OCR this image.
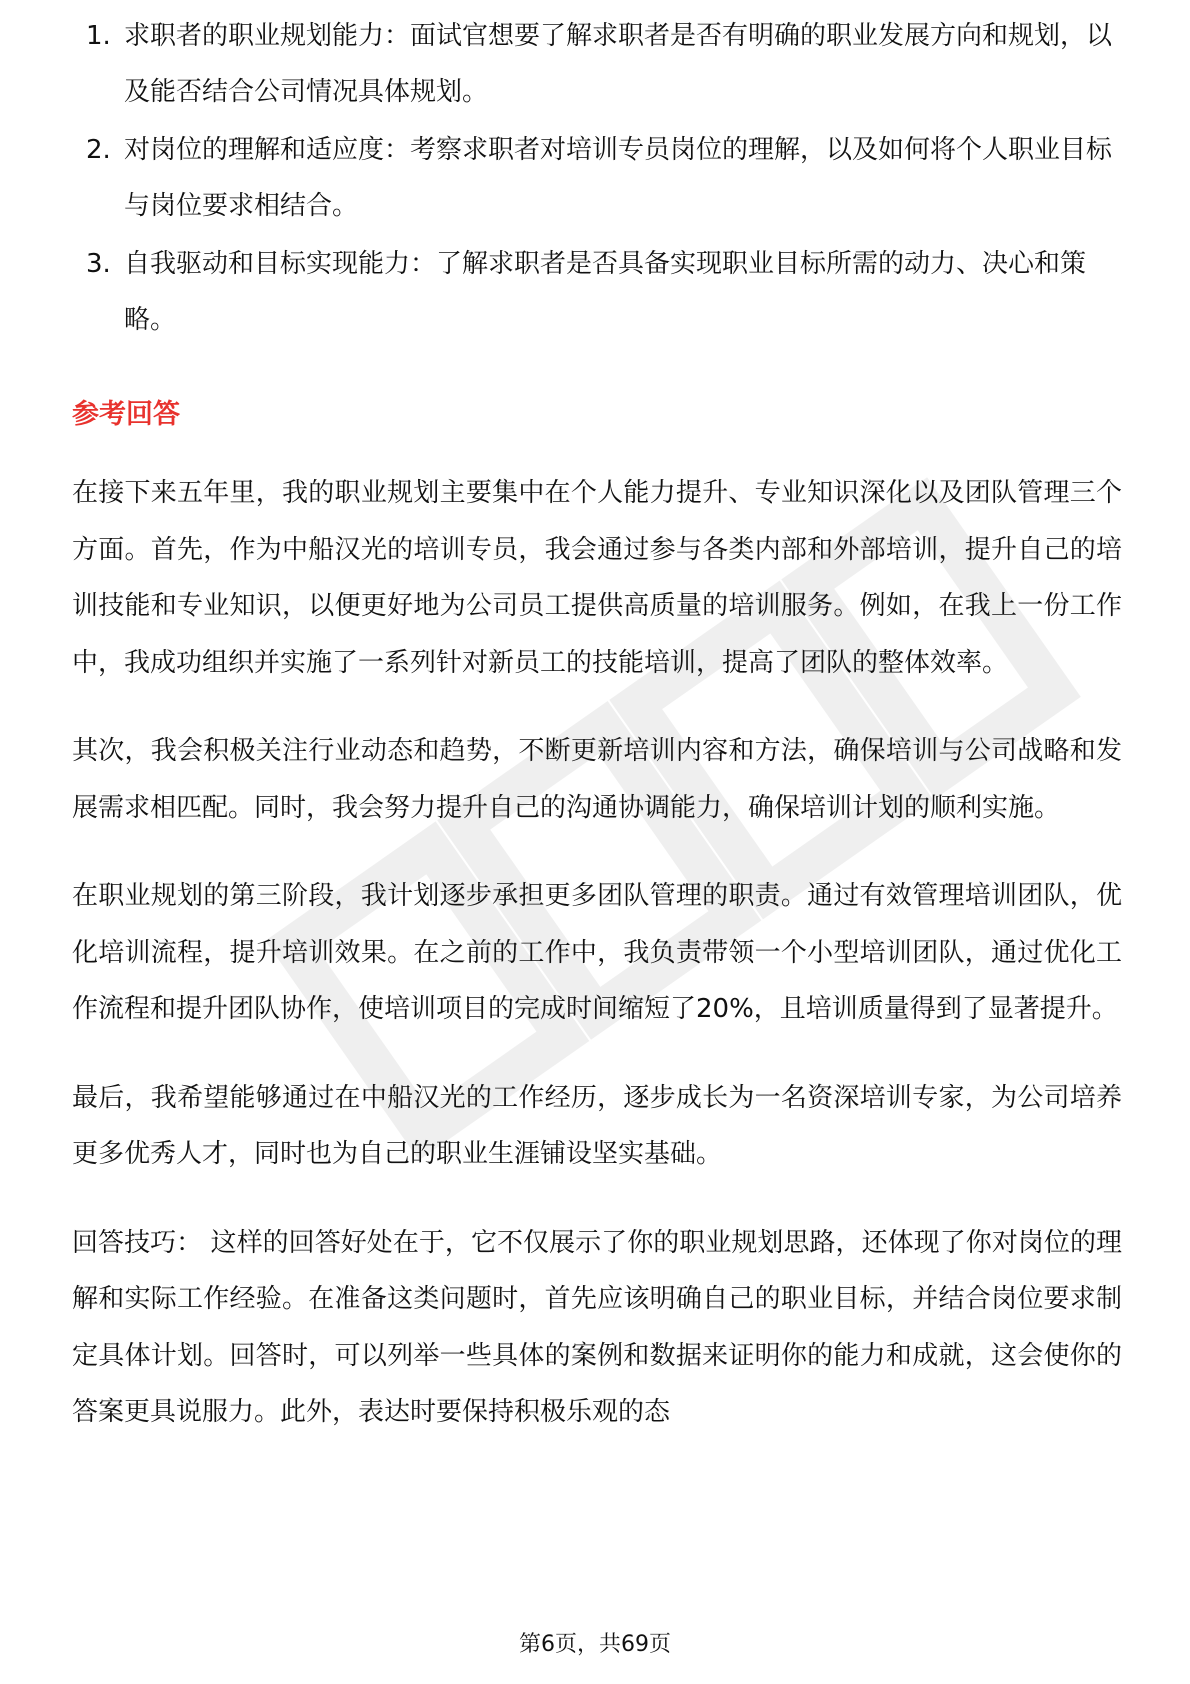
1. 求职者的职业规划能力：面试官想要了解求职者是否有明确的职业发展方向和规划，以及能否结合公司情况具体规划。
2. 对岗位的理解和适应度：考察求职者对培训专员岗位的理解，以及如何将个人职业目标与岗位要求相结合。
3. 自我驱动和目标实现能力：了解求职者是否具备实现职业目标所需的动力、决心和策略。
参考回答

在接下来五年里，我的职业规划主要集中在个人能力提升、专业知识深化以及团队管理三个方面。首先，作为中船汉光的培训专员，我会通过参与各类内部和外部培训，提升自己的培训技能和专业知识，以便更好地为公司员工提供高质量的培训服务。例如，在我上一份工作中，我成功组织并实施了一系列针对新员工的技能培训，提高了团队的整体效率。

其次，我会积极关注行业动态和趋势，不断更新培训内容和方法，确保培训与公司战略和发展需求相匹配。同时，我会努力提升自己的沟通协调能力，确保培训计划的顺利实施。

在职业规划的第三阶段，我计划逐步承担更多团队管理的职责。通过有效管理培训团队，优化培训流程，提升培训效果。在之前的工作中，我负责带领一个小型培训团队，通过优化工作流程和提升团队协作，使培训项目的完成时间缩短了20%，且培训质量得到了显著提升。

最后，我希望能够通过在中船汉光的工作经历，逐步成长为一名资深培训专家，为公司培养更多优秀人才，同时也为自己的职业生涯铺设坚实基础。

回答技巧： 这样的回答好处在于，它不仅展示了你的职业规划思路，还体现了你对岗位的理解和实际工作经验。在准备这类问题时，首先应该明确自己的职业目标，并结合岗位要求制定具体计划。回答时，可以列举一些具体的案例和数据来证明你的能力和成就，这会使你的答案更具说服力。此外，表达时要保持积极乐观的态

第6页，共69页
